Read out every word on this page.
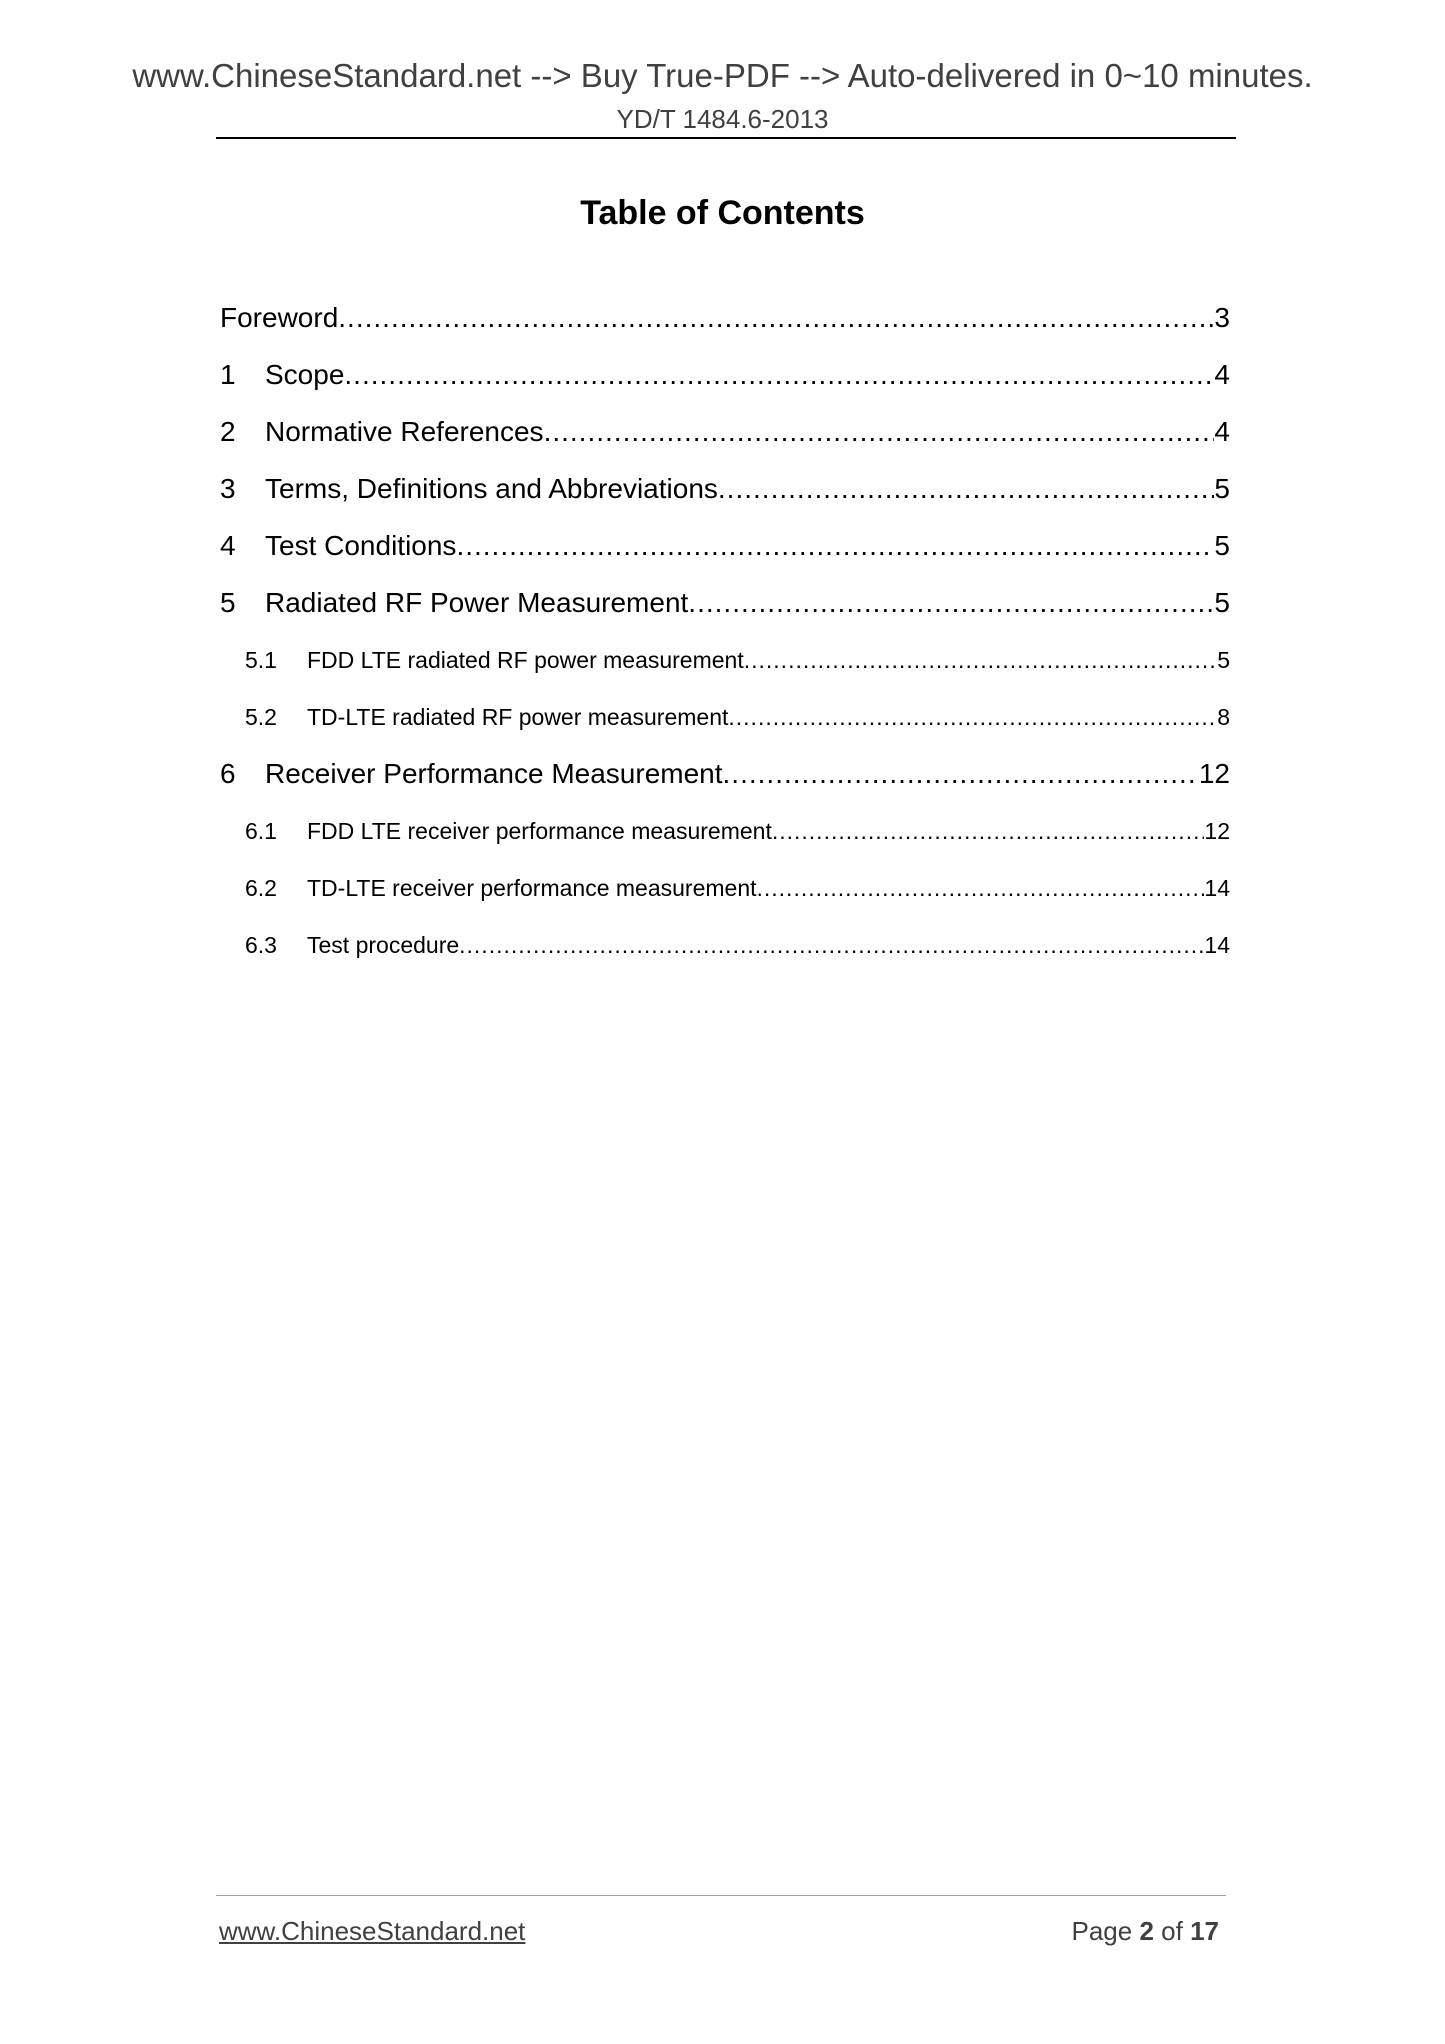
www.ChineseStandard.net --> Buy True-PDF --> Auto-delivered in 0~10 minutes.
YD/T 1484.6-2013
Table of Contents
Foreword .....	3
1	Scope .....	4
2	Normative References .....	4
3	Terms, Definitions and Abbreviations .....	5
4	Test Conditions .....	5
5	Radiated RF Power Measurement .....	5
5.1	FDD LTE radiated RF power measurement .....	5
5.2	TD-LTE radiated RF power measurement .....	8
6	Receiver Performance Measurement .....	12
6.1	FDD LTE receiver performance measurement .....	12
6.2	TD-LTE receiver performance measurement .....	14
6.3	Test procedure .....	14
www.ChineseStandard.net	Page 2 of 17
